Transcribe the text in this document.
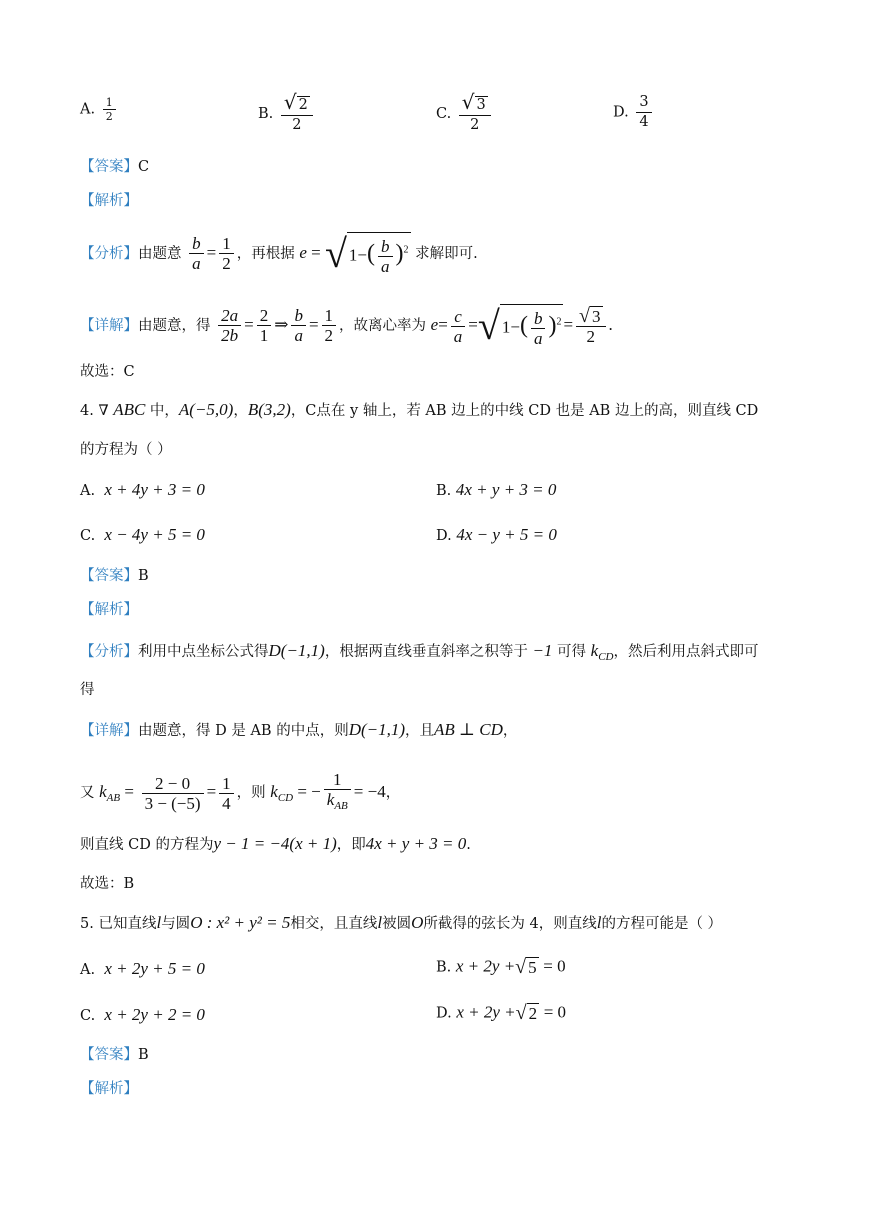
A. $\frac{1}{2}$	B. $\frac{√ 2}{2}$	C. $\frac{√ 3}{2}$	D. $\frac{3}{4}$
【答案】C
【解析】
【分析】由题意 $\frac{b}{a} = \frac{1}{2}$ ，再根据 e = √ $1-( \frac{b}{a} )^2$ 求解即可.
【详解】由题意，得 $\frac{2a}{2b} = \frac{2}{1}$ ⇒ $\frac{b}{a} = \frac{1}{2}$ ，故离心率为 $e= \frac{c}{a}$ =√ $1-( \frac{b}{a} )^2 = \frac{√ 3}{2}$ .
故选：C
4. ∇ ABC 中，A(−5,0)，B(3,2)，C点在 y 轴上，若 AB 边上的中线 CD 也是 AB 边上的高，则直线 CD
的方程为（ ）
A. x + 4y + 3 = 0	B. 4x + y + 3 = 0
C. x − 4y + 5 = 0	D. 4x − y + 5 = 0
【答案】B
【解析】
【分析】利用中点坐标公式得D(−1,1)，根据两直线垂直斜率之积等于 −1 可得 $k_{CD}$，然后利用点斜式即可
得
【详解】由题意，得 D 是 AB 的中点，则D(−1,1)，且AB ⊥ CD，
又 $k_{AB} = \frac{2 - 0}{3 - (-5)} = \frac{1}{4}$ ，则 $k_{CD}$ = − $\frac{1}{k_{AB}} = -4$，
则直线 CD 的方程为y − 1 = −4(x + 1)，即4x + y + 3 = 0.
故选：B
5. 已知直线l与圆O : x² + y² = 5相交，且直线l被圆O所截得的弦长为 4，则直线l的方程可能是（ ）
A. x + 2y + 5 = 0	B. x + 2y +√ 5 = 0
C. x + 2y + 2 = 0	D. x + 2y +√ 2 = 0
【答案】B
【解析】
